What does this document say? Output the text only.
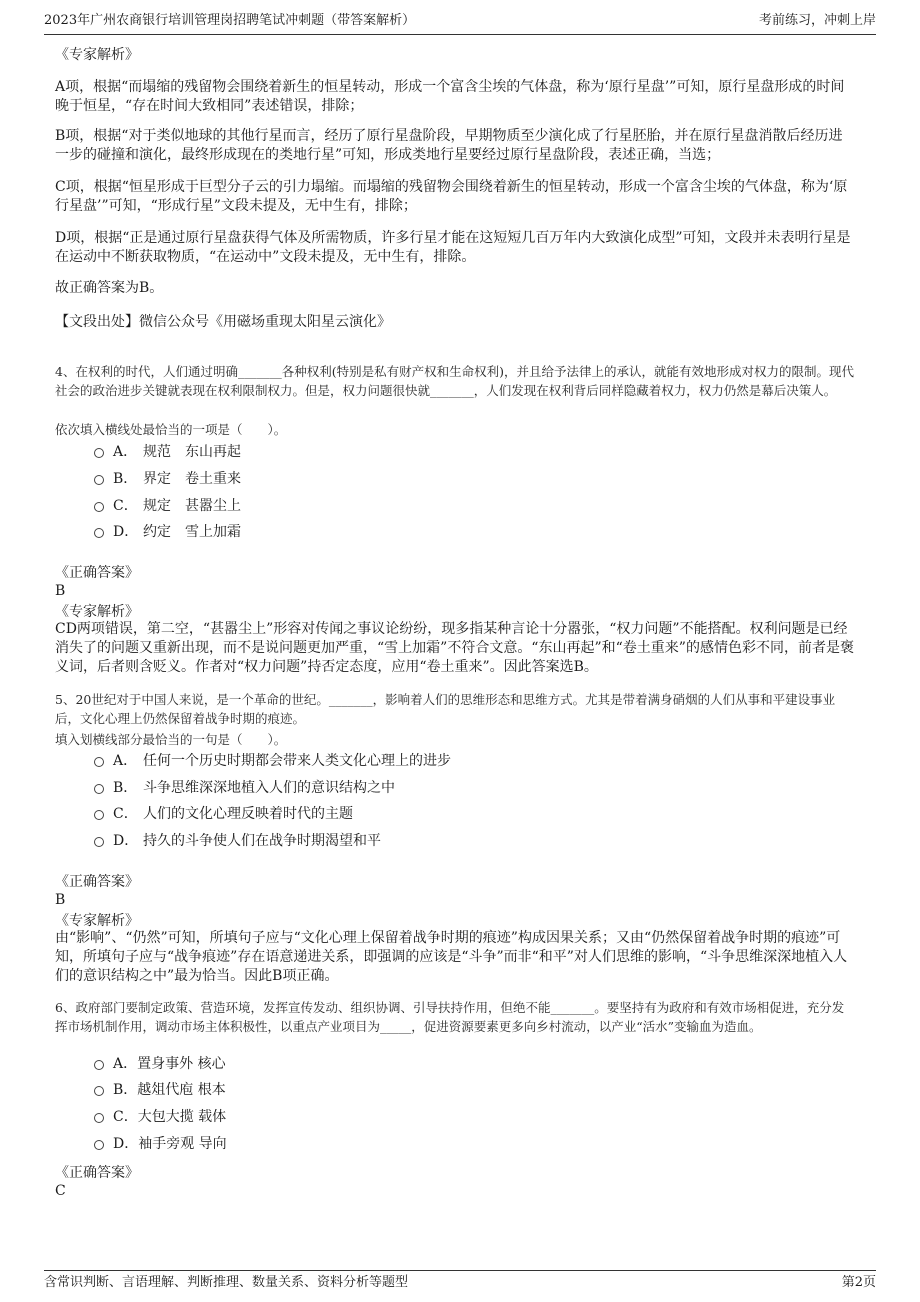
2023年广州农商银行培训管理岗招聘笔试冲刺题（带答案解析）	考前练习，冲刺上岸
《专家解析》
A项，根据“而塌缩的残留物会围绕着新生的恒星转动，形成一个富含尘埃的气体盘，称为‘原行星盘’”可知，原行星盘形成的时间晚于恒星，“存在时间大致相同”表述错误，排除；
B项，根据“对于类似地球的其他行星而言，经历了原行星盘阶段，早期物质至少演化成了行星胚胎，并在原行星盘消散后经历进一步的碰撞和演化，最终形成现在的类地行星”可知，形成类地行星要经过原行星盘阶段，表述正确，当选；
C项，根据“恒星形成于巨型分子云的引力塌缩。而塌缩的残留物会围绕着新生的恒星转动，形成一个富含尘埃的气体盘，称为‘原行星盘’”可知，“形成行星”文段未提及，无中生有，排除；
D项，根据“正是通过原行星盘获得气体及所需物质，许多行星才能在这短短几百万年内大致演化成型”可知，文段并未表明行星是在运动中不断获取物质，“在运动中”文段未提及，无中生有，排除。
故正确答案为B。
【文段出处】微信公众号《用磁场重现太阳星云演化》
4、在权利的时代，人们通过明确_______各种权利(特别是私有财产权和生命权利)，并且给予法律上的承认，就能有效地形成对权力的限制。现代社会的政治进步关键就表现在权利限制权力。但是，权力问题很快就_______，人们发现在权利背后同样隐藏着权力，权力仍然是幕后决策人。
依次填入横线处最恰当的一项是（　　）。
A． 规范　东山再起
B． 界定　卷土重来
C． 规定　甚嚣尘上
D． 约定　雪上加霜
《正确答案》
B
《专家解析》
CD两项错误，第二空，“甚嚣尘上”形容对传闻之事议论纷纷，现多指某种言论十分嚣张，“权力问题”不能搭配。权利问题是已经消失了的问题又重新出现，而不是说问题更加严重，“雪上加霜”不符合文意。“东山再起”和“卷土重来”的感情色彩不同，前者是褒义词，后者则含贬义。作者对“权力问题”持否定态度，应用“卷土重来”。因此答案选B。
5、20世纪对于中国人来说，是一个革命的世纪。_______，影响着人们的思维形态和思维方式。尤其是带着满身硝烟的人们从事和平建设事业后，文化心理上仍然保留着战争时期的痕迹。
填入划横线部分最恰当的一句是（　　）。
A． 任何一个历史时期都会带来人类文化心理上的进步
B． 斗争思维深深地植入人们的意识结构之中
C． 人们的文化心理反映着时代的主题
D． 持久的斗争使人们在战争时期渴望和平
《正确答案》
B
《专家解析》
由“影响”、“仍然”可知，所填句子应与“文化心理上保留着战争时期的痕迹”构成因果关系；又由“仍然保留着战争时期的痕迹”可知，所填句子应与“战争痕迹”存在语意递进关系，即强调的应该是“斗争”而非“和平”对人们思维的影响，“斗争思维深深地植入人们的意识结构之中”最为恰当。因此B项正确。
6、政府部门要制定政策、营造环境，发挥宣传发动、组织协调、引导扶持作用，但绝不能_______。要坚持有为政府和有效市场相促进，充分发挥市场机制作用，调动市场主体积极性，以重点产业项目为_____，促进资源要素更多向乡村流动，以产业“活水”变输血为造血。
A．置身事外 核心
B．越俎代庖 根本
C．大包大揽 载体
D．袖手旁观 导向
《正确答案》
C
含常识判断、言语理解、判断推理、数量关系、资料分析等题型	第2页
